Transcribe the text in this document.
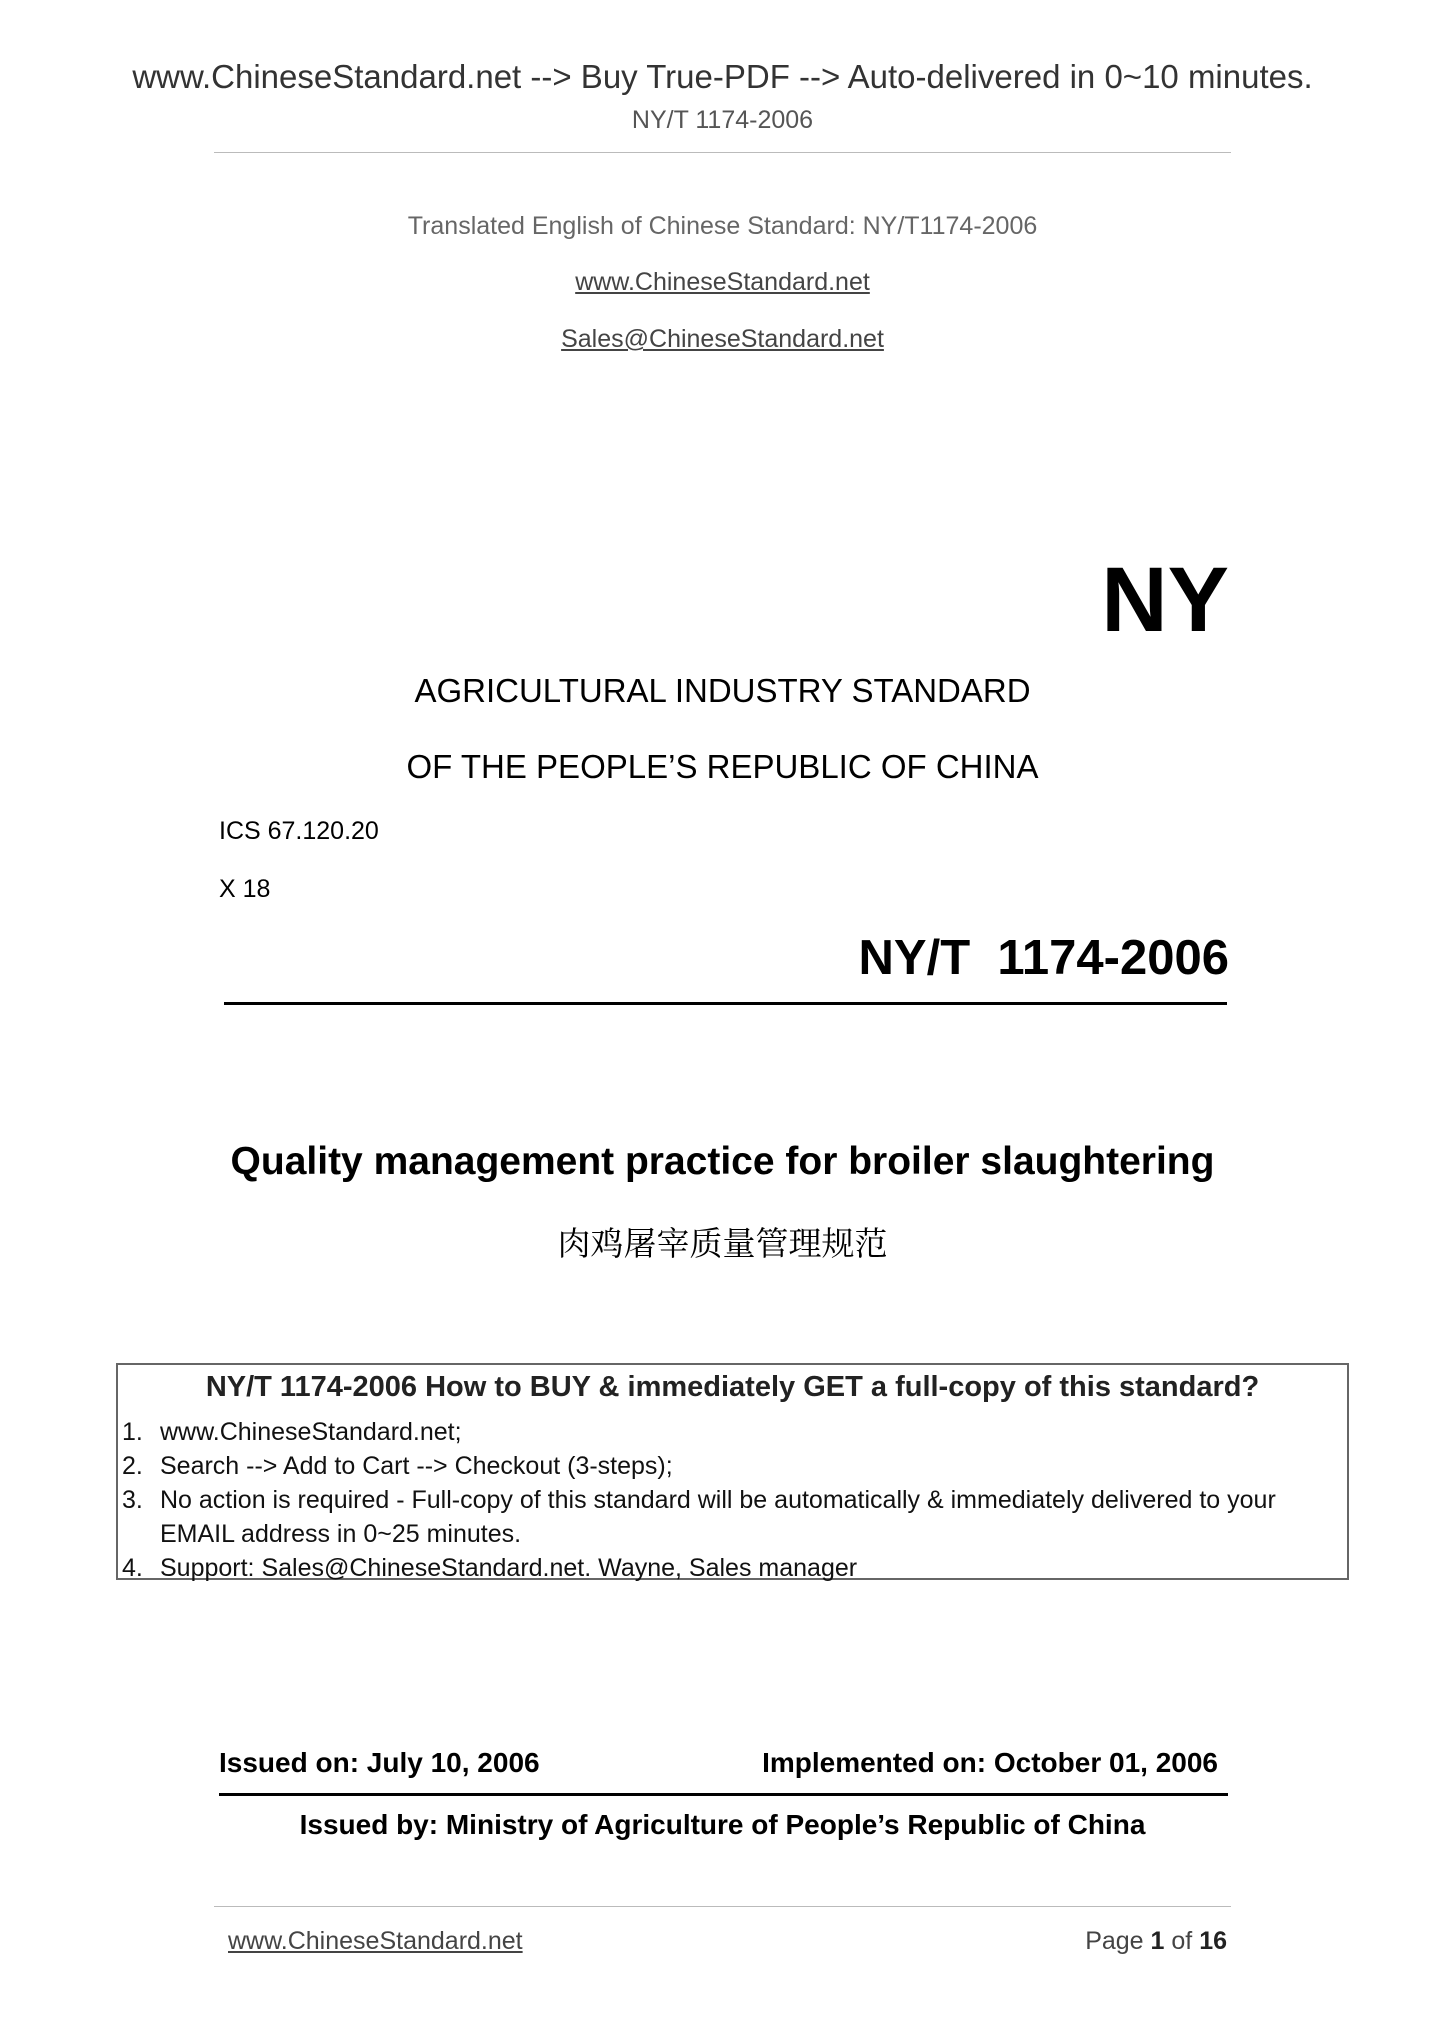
www.ChineseStandard.net --> Buy True-PDF --> Auto-delivered in 0~10 minutes.
NY/T 1174-2006
Translated English of Chinese Standard: NY/T1174-2006
www.ChineseStandard.net
Sales@ChineseStandard.net
NY
AGRICULTURAL INDUSTRY STANDARD
OF THE PEOPLE’S REPUBLIC OF CHINA
ICS 67.120.20
X 18
NY/T  1174-2006
Quality management practice for broiler slaughtering
肉鸡屠宰质量管理规范
NY/T 1174-2006 How to BUY & immediately GET a full-copy of this standard?
1. www.ChineseStandard.net;
2. Search --> Add to Cart --> Checkout (3-steps);
3. No action is required - Full-copy of this standard will be automatically & immediately delivered to your EMAIL address in 0~25 minutes.
4. Support: Sales@ChineseStandard.net. Wayne, Sales manager
Issued on: July 10, 2006	Implemented on: October 01, 2006
Issued by: Ministry of Agriculture of People’s Republic of China
www.ChineseStandard.net	Page 1 of 16
